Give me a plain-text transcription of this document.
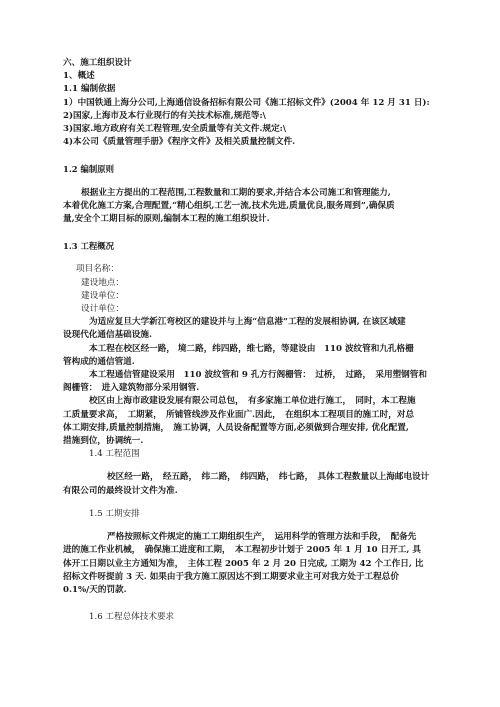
六、施工组织设计
1、概述
1.1 编制依据
1）中国铁通上海分公司,上海通信设备招标有限公司《施工招标文件》(2004 年 12 月 31 日):
2)国家,上海市及本行业现行的有关技术标准,规范等:\
3)国家.地方政府有关工程管理,安全质量等有关文件.规定:\
4)本公司《质量管理手册》《程序文件》及相关质量控制文件.
1.2 编制原则
根据业主方提出的工程范围,工程数量和工期的要求,并结合本公司施工和管理能力,
本着优化施工方案,合理配置,“精心组织,工艺一流,技术先进,质量优良,服务周到”,确保质
量,安全个工期目标的原则,编制本工程的施工组织设计.
1.3 工程概况
项目名称：
建设地点：
建设单位：
设计单位：
为适应复旦大学新江弯校区的建设并与上海“信息港”工程的发展相协调, 在该区域建
设现代化通信基础设施.
本工程在校区经一路， 境二路，纬四路，维七路，等建设由　110 波纹管和九孔格栅
管构成的通信管道.
本工程通信管建设采用　110 波纹管和 9 孔方行阁栅管：　过桥，　过路，　采用塑钢管和
阁栅管：　进入建筑物部分采用钢管.
校区由上海市政建设发展有限公司总包，　有多家施工单位进行施工，　同时，本工程施
工质量要求高，　工期紧，　所铺管线涉及作业面广.因此，　在组织本工程项目的施工时，对总
体工期安排,质量控制措施，　施工协调，人员设备配置等方面,必须做到合理安排, 优化配置,
措施到位，协调统一.
1.4 工程范围
校区经一路，　经五路，　纬二路，　纬四路，　纬七路，　具体工程数量以上海邮电设计
有限公司的最终设计文件为准.
1.5 工期安排
严格按照标文件规定的施工工期组织生产，　运用科学的管理方法和手段，　配备先
进的施工作业机械，　确保施工进度和工期，　本工程初步计划于 2005 年 1 月 10 日开工, 具
体开工日期以业主方通知为准，　主体工程 2005 年 2 月 20 日完成, 工期为 42 个工作日, 比
招标文件呀提前 3 天. 如果由于我方施工原因达不到工期要求业主可对我方处于工程总价
0.1%/天的罚款.
1.6 工程总体技术要求
